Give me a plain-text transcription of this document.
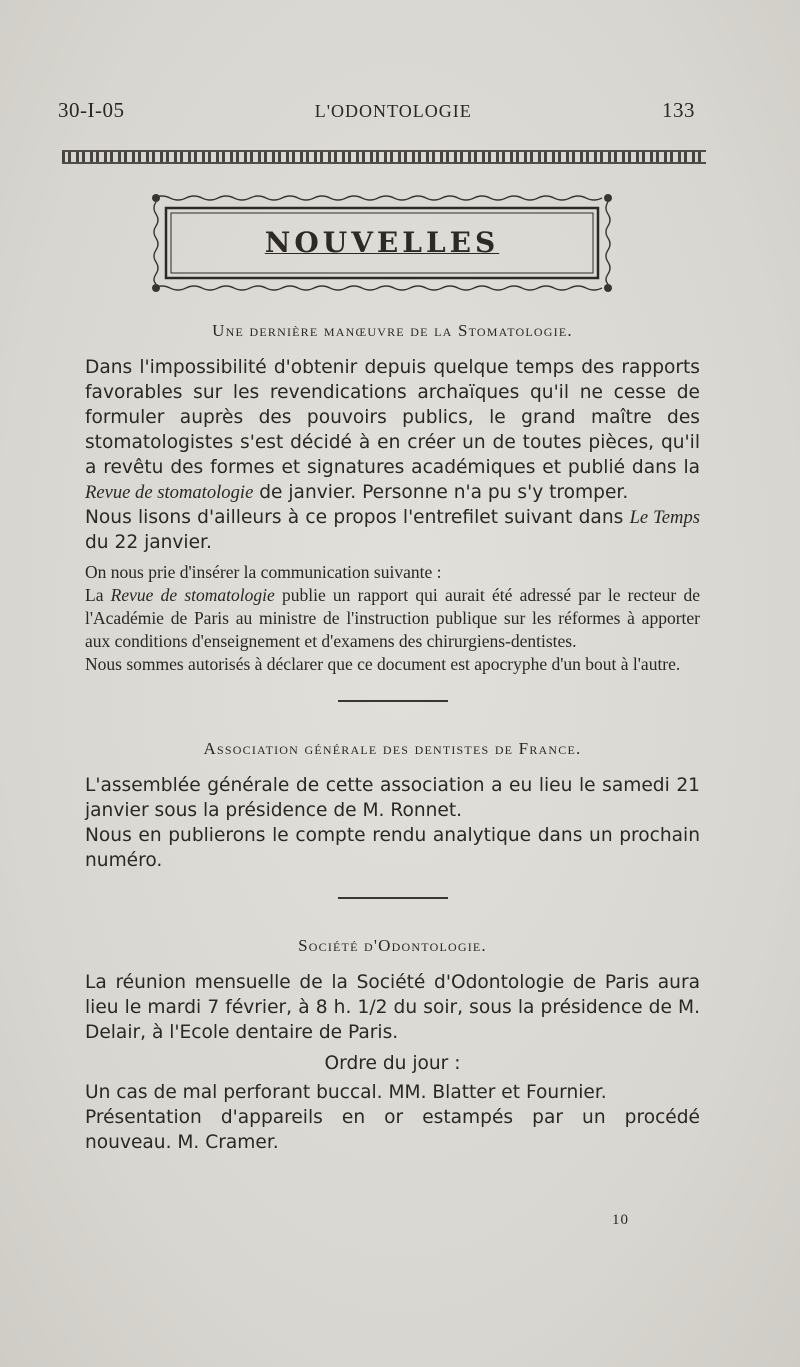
30-I-05	L'ODONTOLOGIE	133
NOUVELLES
Une dernière manœuvre de la Stomatologie.

Dans l'impossibilité d'obtenir depuis quelque temps des rapports favorables sur les revendications archaïques qu'il ne cesse de formuler auprès des pouvoirs publics, le grand maître des stomatologistes s'est décidé à en créer un de toutes pièces, qu'il a revêtu des formes et signatures académiques et publié dans la Revue de stomatologie de janvier. Personne n'a pu s'y tromper.

Nous lisons d'ailleurs à ce propos l'entrefilet suivant dans Le Temps du 22 janvier.

On nous prie d'insérer la communication suivante :

La Revue de stomatologie publie un rapport qui aurait été adressé par le recteur de l'Académie de Paris au ministre de l'instruction publique sur les réformes à apporter aux conditions d'enseignement et d'examens des chirurgiens-dentistes.

Nous sommes autorisés à déclarer que ce document est apocryphe d'un bout à l'autre.

Association générale des dentistes de France.

L'assemblée générale de cette association a eu lieu le samedi 21 janvier sous la présidence de M. Ronnet.

Nous en publierons le compte rendu analytique dans un prochain numéro.

Société d'Odontologie.

La réunion mensuelle de la Société d'Odontologie de Paris aura lieu le mardi 7 février, à 8 h. 1/2 du soir, sous la présidence de M. Delair, à l'Ecole dentaire de Paris.

Ordre du jour :

Un cas de mal perforant buccal. MM. Blatter et Fournier.

Présentation d'appareils en or estampés par un procédé nouveau. M. Cramer.

10
